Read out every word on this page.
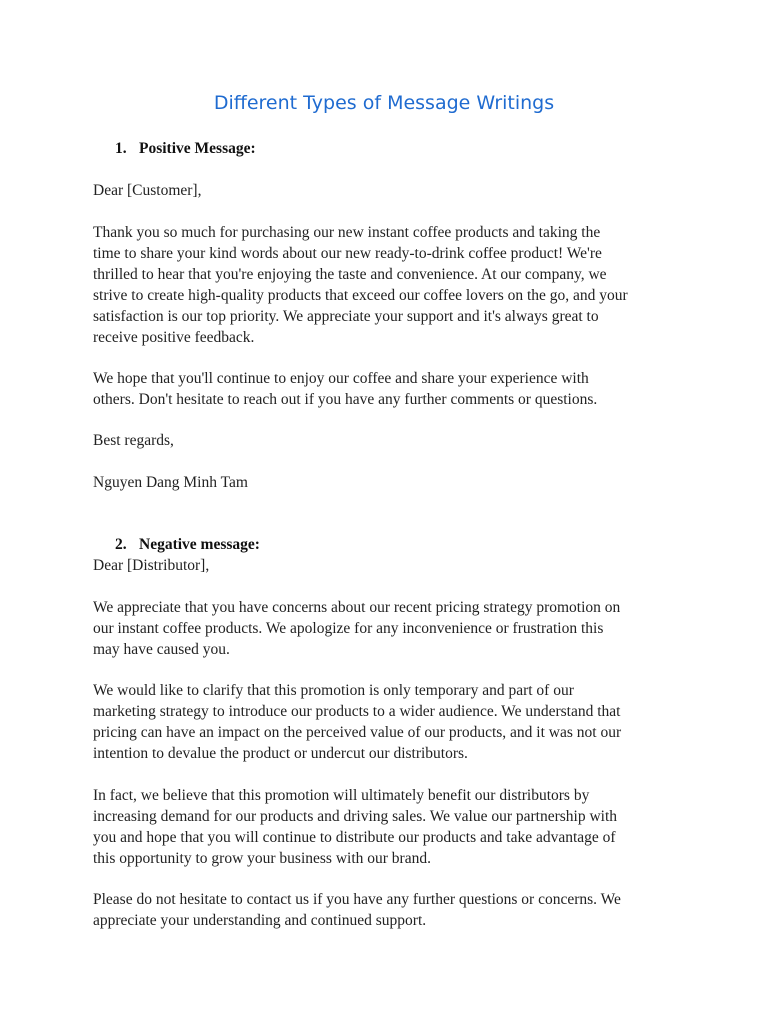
Different Types of Message Writings
1. Positive Message:
Dear [Customer],
Thank you so much for purchasing our new instant coffee products and taking the
time to share your kind words about our new ready-to-drink coffee product! We're
thrilled to hear that you're enjoying the taste and convenience. At our company, we
strive to create high-quality products that exceed our coffee lovers on the go, and your
satisfaction is our top priority. We appreciate your support and it's always great to
receive positive feedback.
We hope that you'll continue to enjoy our coffee and share your experience with
others. Don't hesitate to reach out if you have any further comments or questions.
Best regards,
Nguyen Dang Minh Tam
2. Negative message:
Dear [Distributor],
We appreciate that you have concerns about our recent pricing strategy promotion on
our instant coffee products. We apologize for any inconvenience or frustration this
may have caused you.
We would like to clarify that this promotion is only temporary and part of our
marketing strategy to introduce our products to a wider audience. We understand that
pricing can have an impact on the perceived value of our products, and it was not our
intention to devalue the product or undercut our distributors.
In fact, we believe that this promotion will ultimately benefit our distributors by
increasing demand for our products and driving sales. We value our partnership with
you and hope that you will continue to distribute our products and take advantage of
this opportunity to grow your business with our brand.
Please do not hesitate to contact us if you have any further questions or concerns. We
appreciate your understanding and continued support.
